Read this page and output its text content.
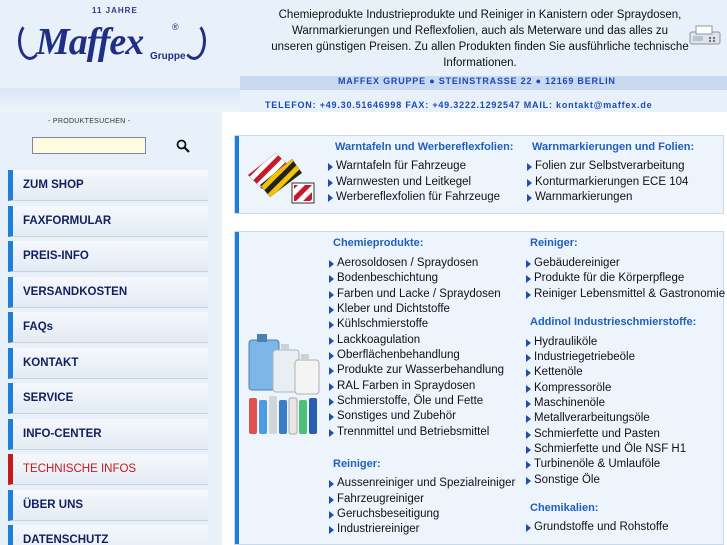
11 JAHRE
Maffex	®
Gruppe
Chemieprodukte Industrieprodukte und Reiniger in Kanistern oder Spraydosen, Warnmarkierungen und Reflexfolien, auch als Meterware und das alles zu unseren günstigen Preisen. Zu allen Produkten finden Sie ausführliche technische Informationen.
MAFFEX GRUPPE ● STEINSTRASSE 22 ● 12169 BERLIN
TELEFON: +49.30.51646998 FAX: +49.3222.1292547 MAIL: kontakt@maffex.de
- PRODUKTESUCHEN -
ZUM SHOP
FAXFORMULAR
PREIS-INFO
VERSANDKOSTEN
FAQs
KONTAKT
SERVICE
INFO-CENTER
TECHNISCHE INFOS
ÜBER UNS
DATENSCHUTZ
Warntafeln und Werbereflexfolien:
Warntafeln für Fahrzeuge
Warnwesten und Leitkegel
Werbereflexfolien für Fahrzeuge
Warnmarkierungen und Folien:
Folien zur Selbstverarbeitung
Konturmarkierungen ECE 104
Warnmarkierungen
Chemieprodukte:
Aerosoldosen / Spraydosen
Bodenbeschichtung
Farben und Lacke / Spraydosen
Kleber und Dichtstoffe
Kühlschmierstoffe
Lackkoagulation
Oberflächenbehandlung
Produkte zur Wasserbehandlung
RAL Farben in Spraydosen
Schmierstoffe, Öle und Fette
Sonstiges und Zubehör
Trennmittel und Betriebsmittel
Reiniger:
Aussenreiniger und Spezialreiniger
Fahrzeugreiniger
Geruchsbeseitigung
Industriereiniger
Reiniger:
Gebäudereiniger
Produkte für die Körperpflege
Reiniger Lebensmittel & Gastronomie
Addinol Industrieschmierstoffe:
Hydrauliköle
Industriegetriebeöle
Kettenöle
Kompressoröle
Maschinenöle
Metallverarbeitungsöle
Schmierfette und Pasten
Schmierfette und Öle NSF H1
Turbinenöle & Umlauföle
Sonstige Öle
Chemikalien:
Grundstoffe und Rohstoffe
